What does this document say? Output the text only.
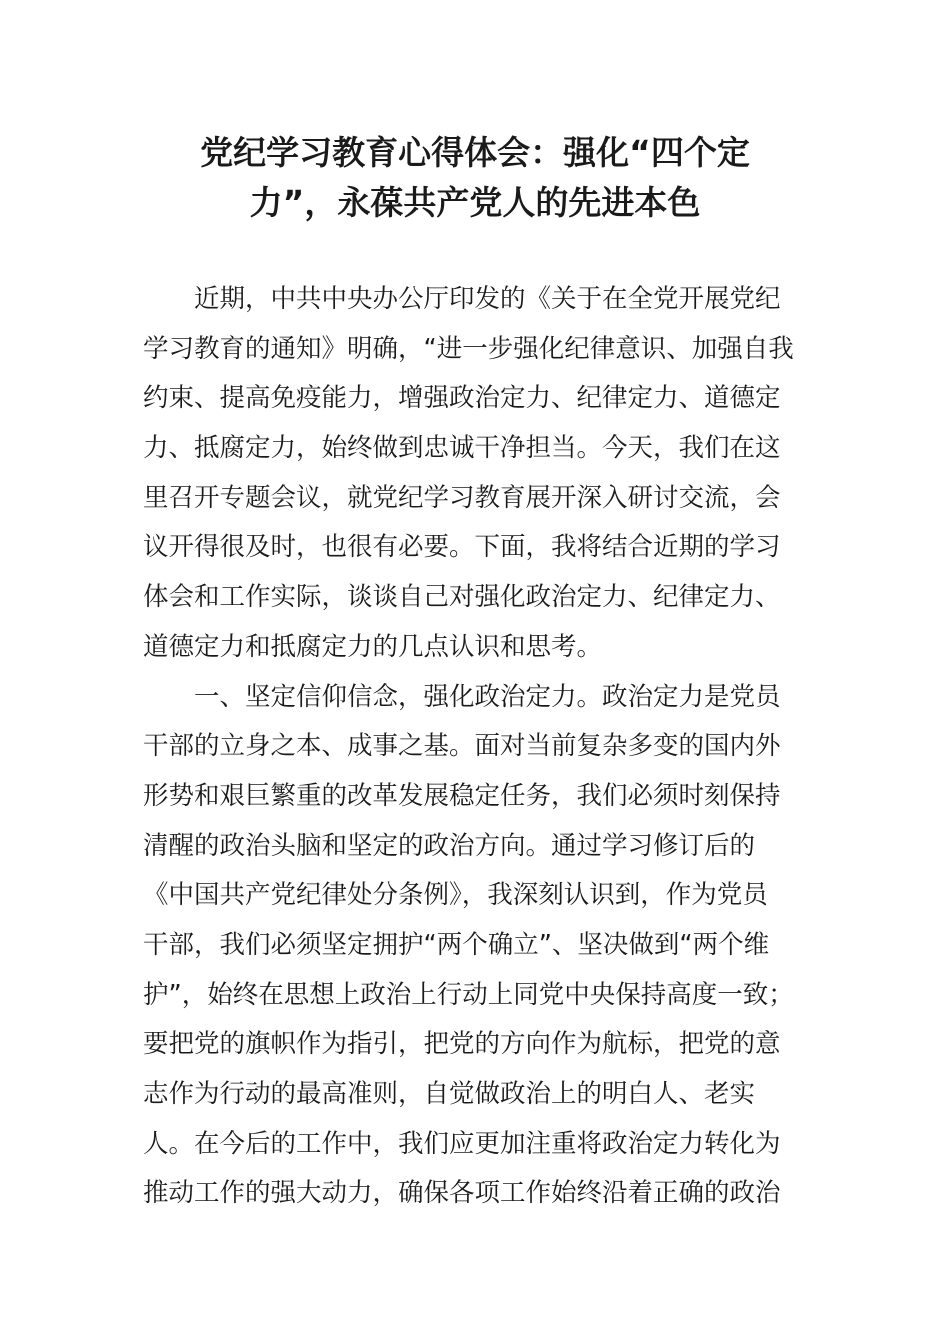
党纪学习教育心得体会：强化“四个定
力”，永葆共产党人的先进本色
近期，中共中央办公厅印发的《关于在全党开展党纪
学习教育的通知》明确，“进一步强化纪律意识、加强自我
约束、提高免疫能力，增强政治定力、纪律定力、道德定
力、抵腐定力，始终做到忠诚干净担当。今天，我们在这
里召开专题会议，就党纪学习教育展开深入研讨交流，会
议开得很及时，也很有必要。下面，我将结合近期的学习
体会和工作实际，谈谈自己对强化政治定力、纪律定力、
道德定力和抵腐定力的几点认识和思考。
一、坚定信仰信念，强化政治定力。政治定力是党员
干部的立身之本、成事之基。面对当前复杂多变的国内外
形势和艰巨繁重的改革发展稳定任务，我们必须时刻保持
清醒的政治头脑和坚定的政治方向。通过学习修订后的
《中国共产党纪律处分条例》，我深刻认识到，作为党员
干部，我们必须坚定拥护“两个确立”、坚决做到“两个维
护”，始终在思想上政治上行动上同党中央保持高度一致；
要把党的旗帜作为指引，把党的方向作为航标，把党的意
志作为行动的最高准则，自觉做政治上的明白人、老实
人。在今后的工作中，我们应更加注重将政治定力转化为
推动工作的强大动力，确保各项工作始终沿着正确的政治
